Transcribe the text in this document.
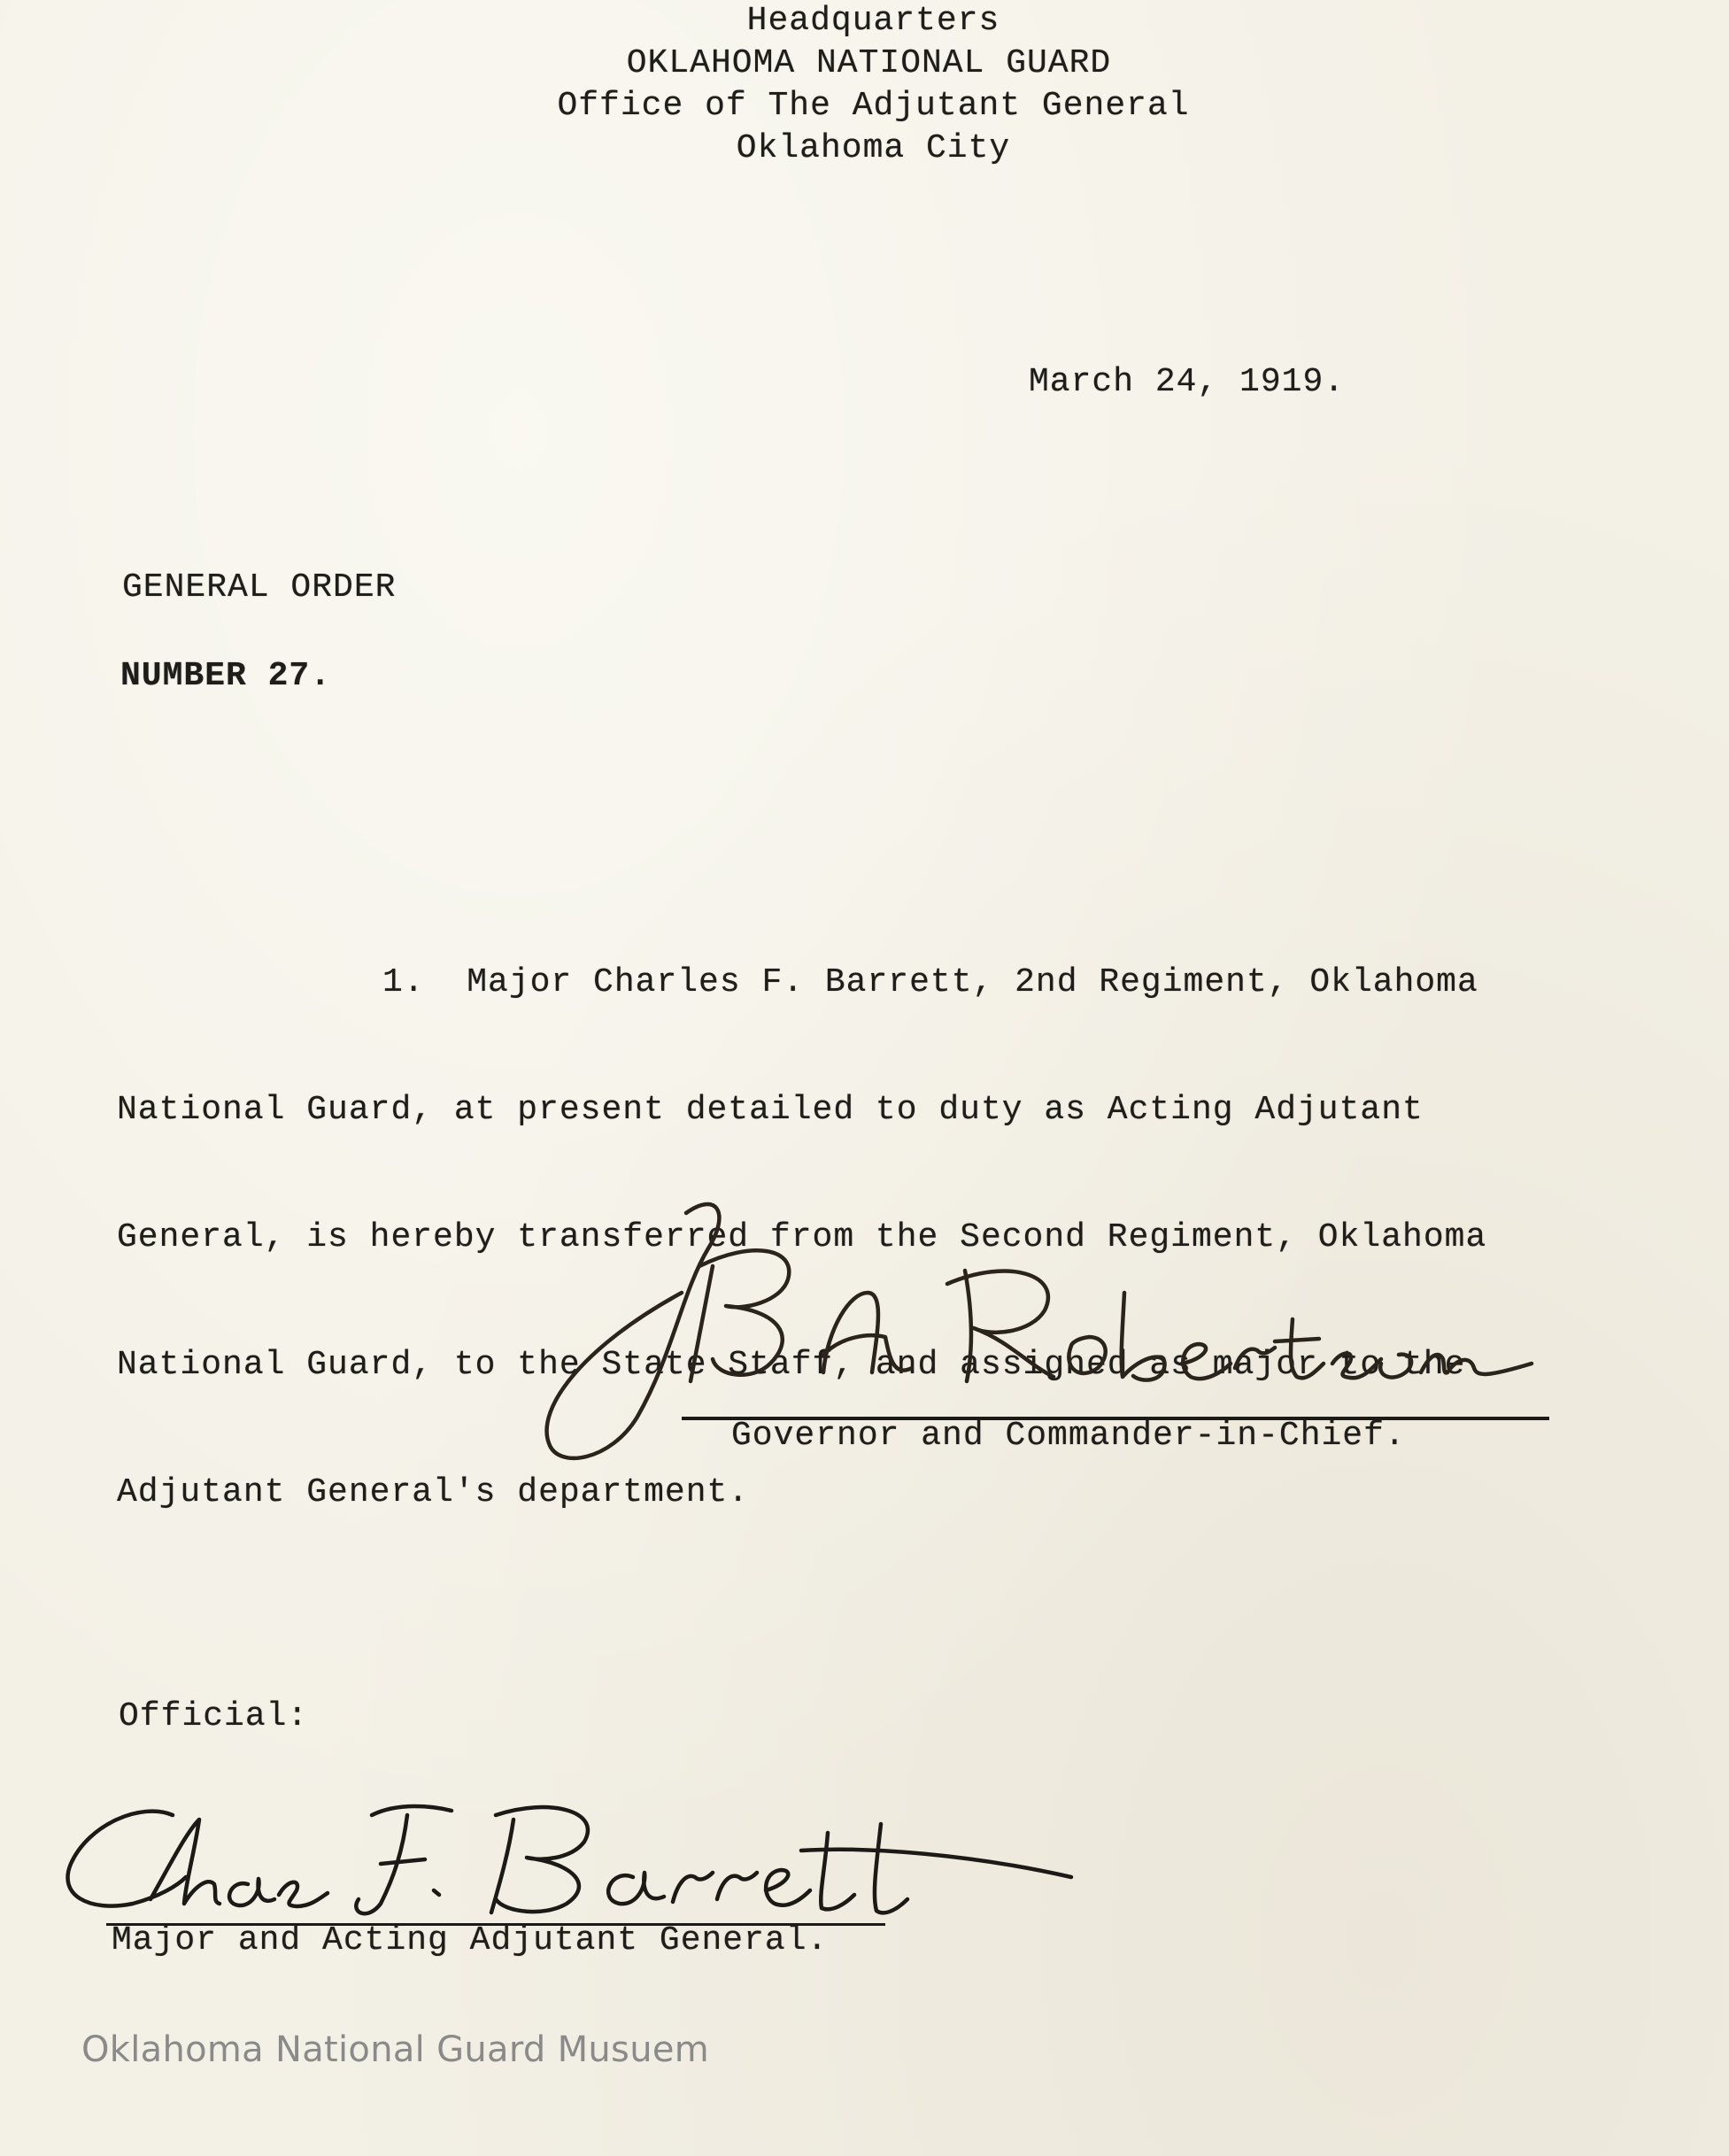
Headquarters
OKLAHOMA NATIONAL GUARD
Office of The Adjutant General
Oklahoma City
March 24, 1919.
GENERAL ORDER
NUMBER 27.

1.  Major Charles F. Barrett, 2nd Regiment, Oklahoma

National Guard, at present detailed to duty as Acting Adjutant

General, is hereby transferred from the Second Regiment, Oklahoma

National Guard, to the State Staff, and assigned as major to the

Adjutant General's department.

Governor and Commander-in-Chief.
Official:
Major and Acting Adjutant General.
Oklahoma National Guard Musuem
